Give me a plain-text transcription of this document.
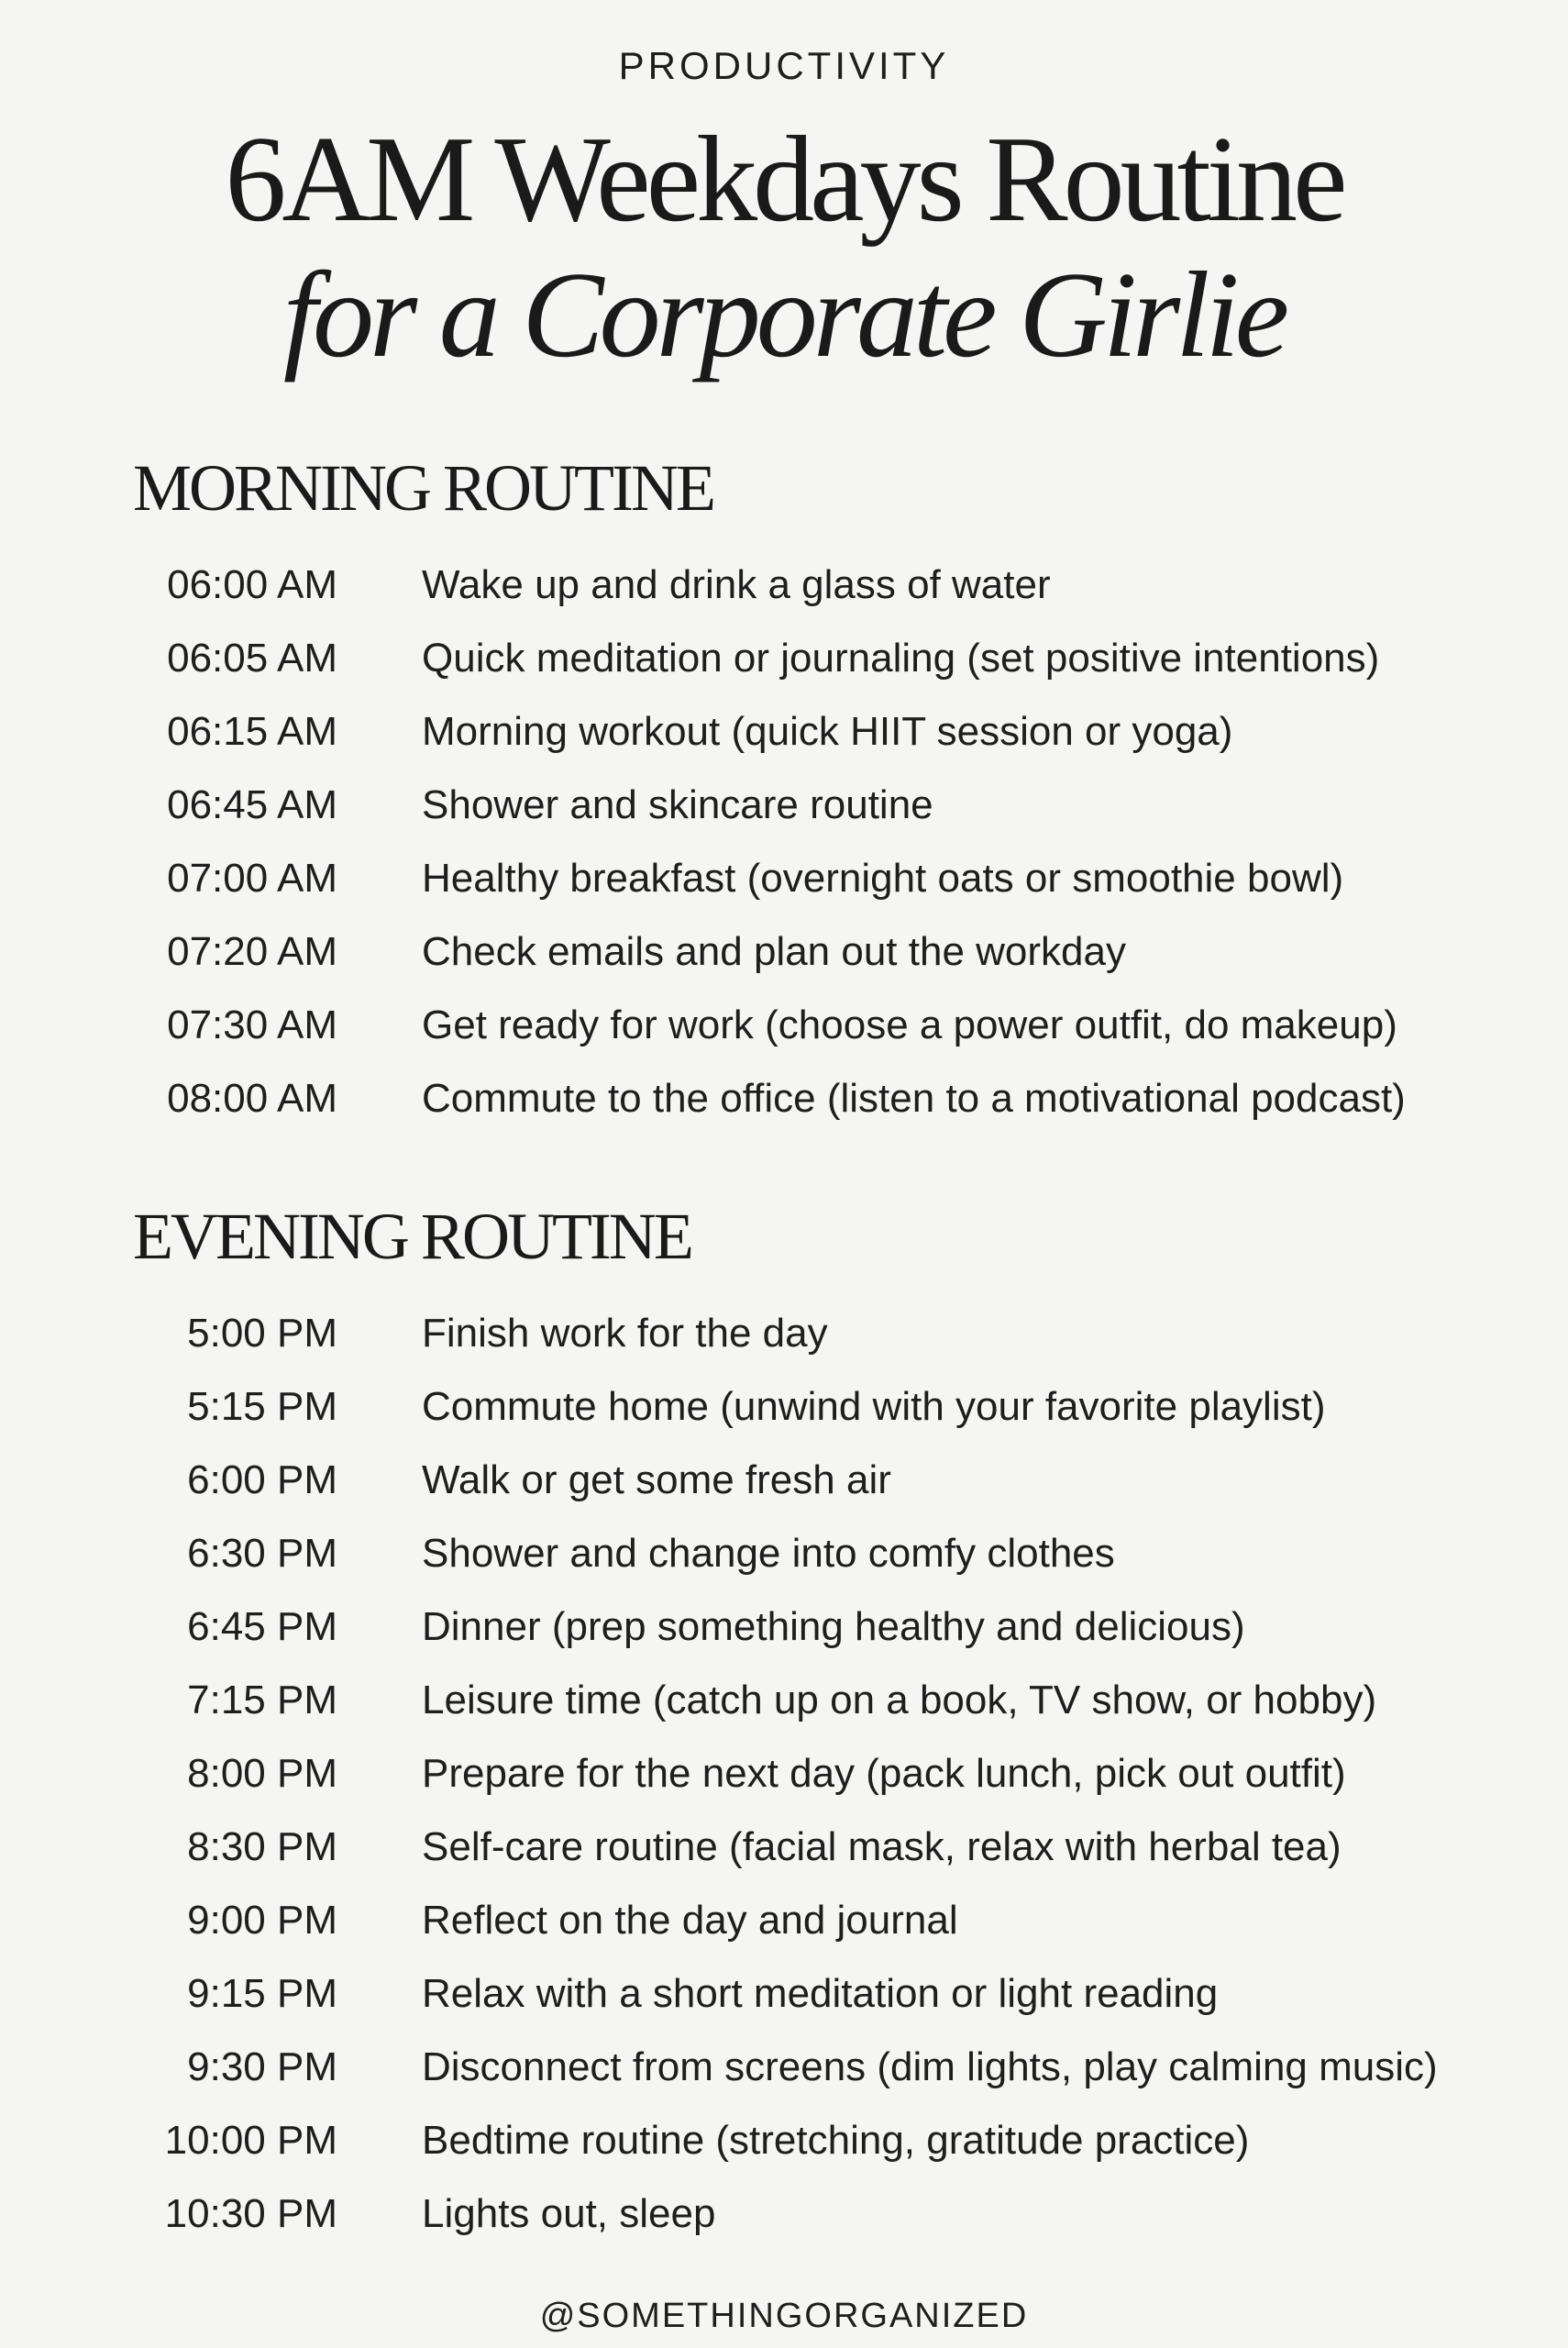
PRODUCTIVITY
6AM Weekdays Routine
for a Corporate Girlie
MORNING ROUTINE
06:00 AM Wake up and drink a glass of water
06:05 AM Quick meditation or journaling (set positive intentions)
06:15 AM Morning workout (quick HIIT session or yoga)
06:45 AM Shower and skincare routine
07:00 AM Healthy breakfast (overnight oats or smoothie bowl)
07:20 AM Check emails and plan out the workday
07:30 AM Get ready for work (choose a power outfit, do makeup)
08:00 AM Commute to the office (listen to a motivational podcast)
EVENING ROUTINE
5:00 PM Finish work for the day
5:15 PM Commute home (unwind with your favorite playlist)
6:00 PM Walk or get some fresh air
6:30 PM Shower and change into comfy clothes
6:45 PM Dinner (prep something healthy and delicious)
7:15 PM Leisure time (catch up on a book, TV show, or hobby)
8:00 PM Prepare for the next day (pack lunch, pick out outfit)
8:30 PM Self-care routine (facial mask, relax with herbal tea)
9:00 PM Reflect on the day and journal
9:15 PM Relax with a short meditation or light reading
9:30 PM Disconnect from screens (dim lights, play calming music)
10:00 PM Bedtime routine (stretching, gratitude practice)
10:30 PM Lights out, sleep
@SOMETHINGORGANIZED
